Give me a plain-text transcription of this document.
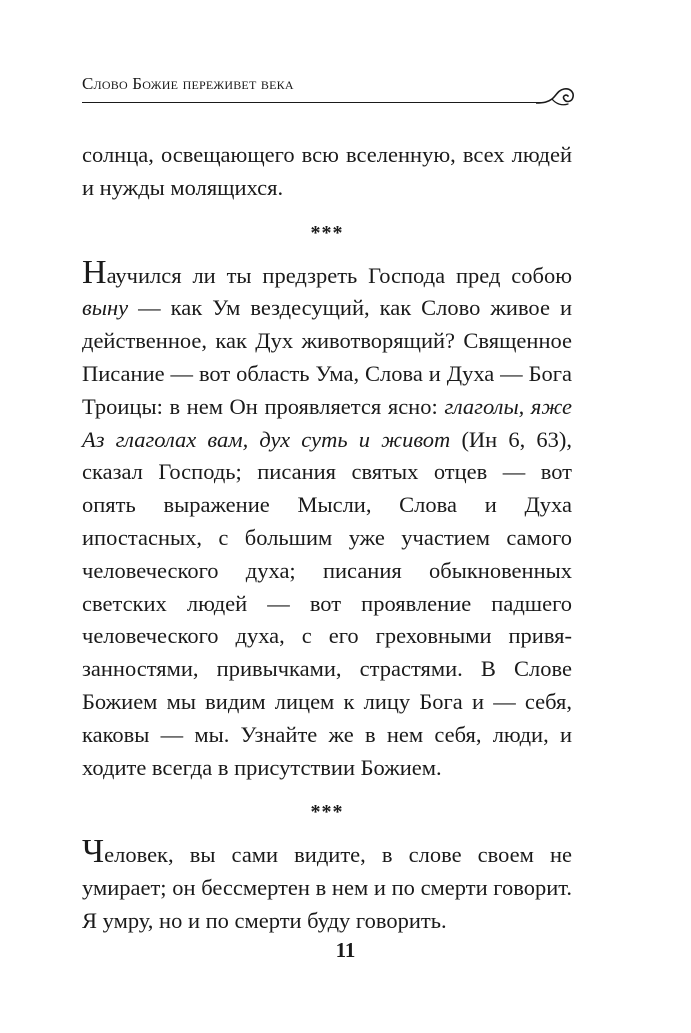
Слово Божие переживет века

солнца, освещающего всю вселенную, всех людей и нужды молящихся.

***

Научился ли ты предзреть Господа пред собою выну — как Ум вездесущий, как Слово живое и действенное, как Дух животворящий? Священное Писание — вот область Ума, Слова и Духа — Бога Троицы: в нем Он проявляется ясно: глаголы, яже Аз глаголах вам, дух суть и живот (Ин 6, 63), сказал Господь; писания святых отцев — вот опять выражение Мысли, Слова и Духа ипостасных, с большим уже участием самого человеческого духа; писания обыкновенных светских людей — вот проявление падшего человеческого духа, с его греховными привязанностями, привычками, страстями. В Слове Божием мы видим лицем к лицу Бога и — себя, каковы — мы. Узнайте же в нем себя, люди, и ходите всегда в присутствии Божием.

***

Человек, вы сами видите, в слове своем не умирает; он бессмертен в нем и по смерти говорит. Я умру, но и по смерти буду говорить.

11
